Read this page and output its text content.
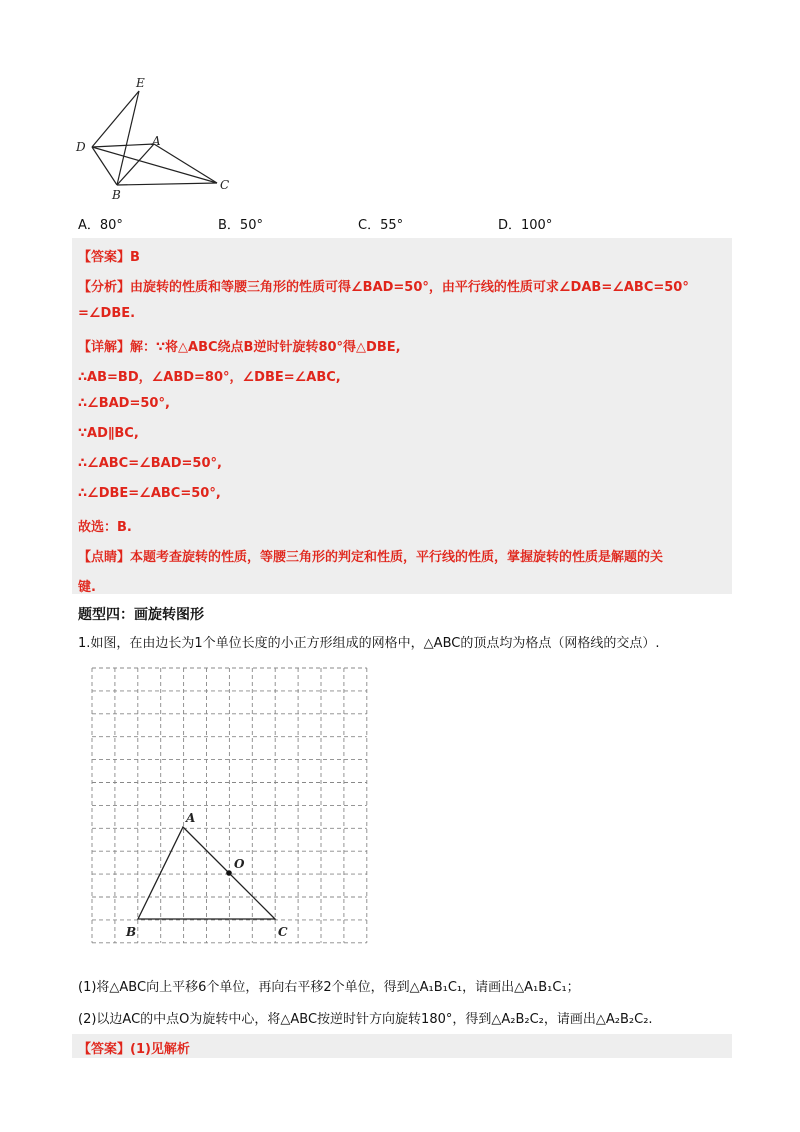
E
D	A
B
C
A．80°	B．50°	C．55°	D．100°
【答案】B
【分析】由旋转的性质和等腰三角形的性质可得∠BAD=50°，由平行线的性质可求∠DAB=∠ABC=50°
=∠DBE.
【详解】解：∵将△ABC绕点B逆时针旋转80°得△DBE,
∴AB=BD，∠ABD=80°，∠DBE=∠ABC,
∴∠BAD=50°,
∵AD∥BC,
∴∠ABC=∠BAD=50°,
∴∠DBE=∠ABC=50°,
故选：B.
【点睛】本题考查旋转的性质，等腰三角形的判定和性质，平行线的性质，掌握旋转的性质是解题的关
键.
题型四：画旋转图形
1.如图，在由边长为1个单位长度的小正方形组成的网格中，△ABC的顶点均为格点（网格线的交点）.
A
B	C
O
(1)将△ABC向上平移6个单位，再向右平移2个单位，得到△A₁B₁C₁，请画出△A₁B₁C₁；
(2)以边AC的中点O为旋转中心，将△ABC按逆时针方向旋转180°，得到△A₂B₂C₂，请画出△A₂B₂C₂.
【答案】(1)见解析
